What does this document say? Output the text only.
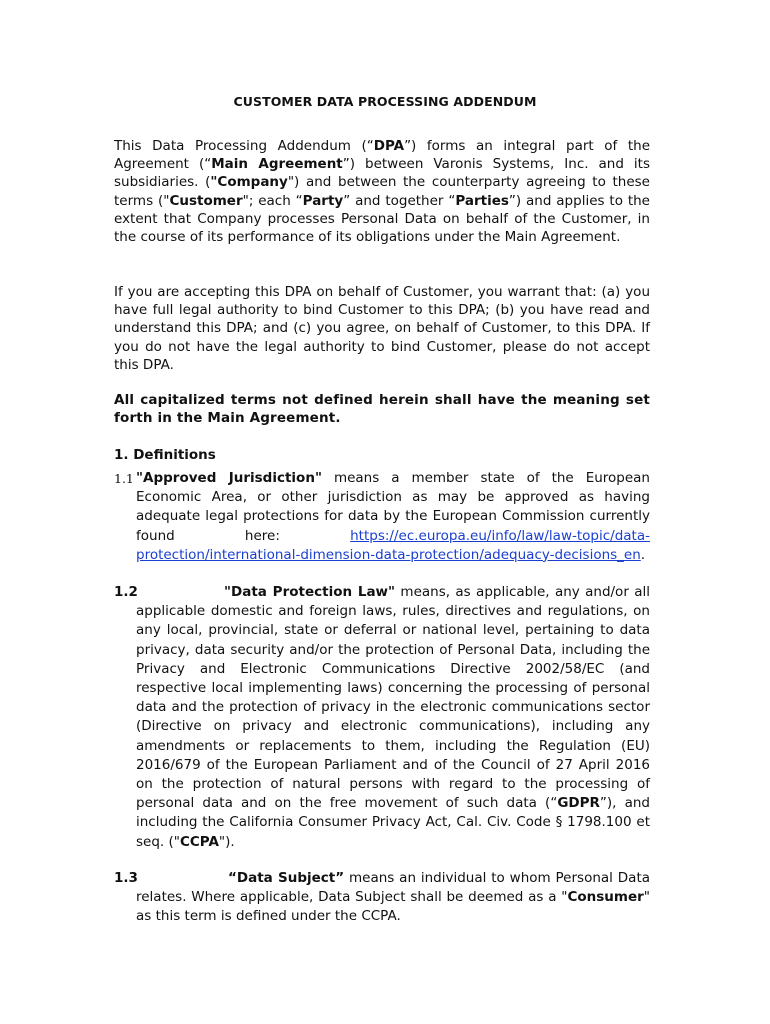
CUSTOMER DATA PROCESSING ADDENDUM

This Data Processing Addendum (“DPA”) forms an integral part of the Agreement (“Main Agreement”) between Varonis Systems, Inc. and its subsidiaries. ("Company") and between the counterparty agreeing to these terms ("Customer"; each “Party” and together “Parties”) and applies to the extent that Company processes Personal Data on behalf of the Customer, in the course of its performance of its obligations under the Main Agreement.

If you are accepting this DPA on behalf of Customer, you warrant that: (a) you have full legal authority to bind Customer to this DPA; (b) you have read and understand this DPA; and (c) you agree, on behalf of Customer, to this DPA. If you do not have the legal authority to bind Customer, please do not accept this DPA.

All capitalized terms not defined herein shall have the meaning set forth in the Main Agreement.

1. Definitions
1.1 "Approved Jurisdiction" means a member state of the European Economic Area, or other jurisdiction as may be approved as having adequate legal protections for data by the European Commission currently found here: https://ec.europa.eu/info/law/law-topic/data-protection/international-dimension-data-protection/adequacy-decisions_en.
1.2	"Data Protection Law" means, as applicable, any and/or all applicable domestic and foreign laws, rules, directives and regulations, on any local, provincial, state or deferral or national level, pertaining to data privacy, data security and/or the protection of Personal Data, including the Privacy and Electronic Communications Directive 2002/58/EC (and respective local implementing laws) concerning the processing of personal data and the protection of privacy in the electronic communications sector (Directive on privacy and electronic communications), including any amendments or replacements to them, including the Regulation (EU) 2016/679 of the European Parliament and of the Council of 27 April 2016 on the protection of natural persons with regard to the processing of personal data and on the free movement of such data (“GDPR”), and including the California Consumer Privacy Act, Cal. Civ. Code § 1798.100 et seq. ("CCPA").
1.3	“Data Subject” means an individual to whom Personal Data relates. Where applicable, Data Subject shall be deemed as a "Consumer" as this term is defined under the CCPA.
